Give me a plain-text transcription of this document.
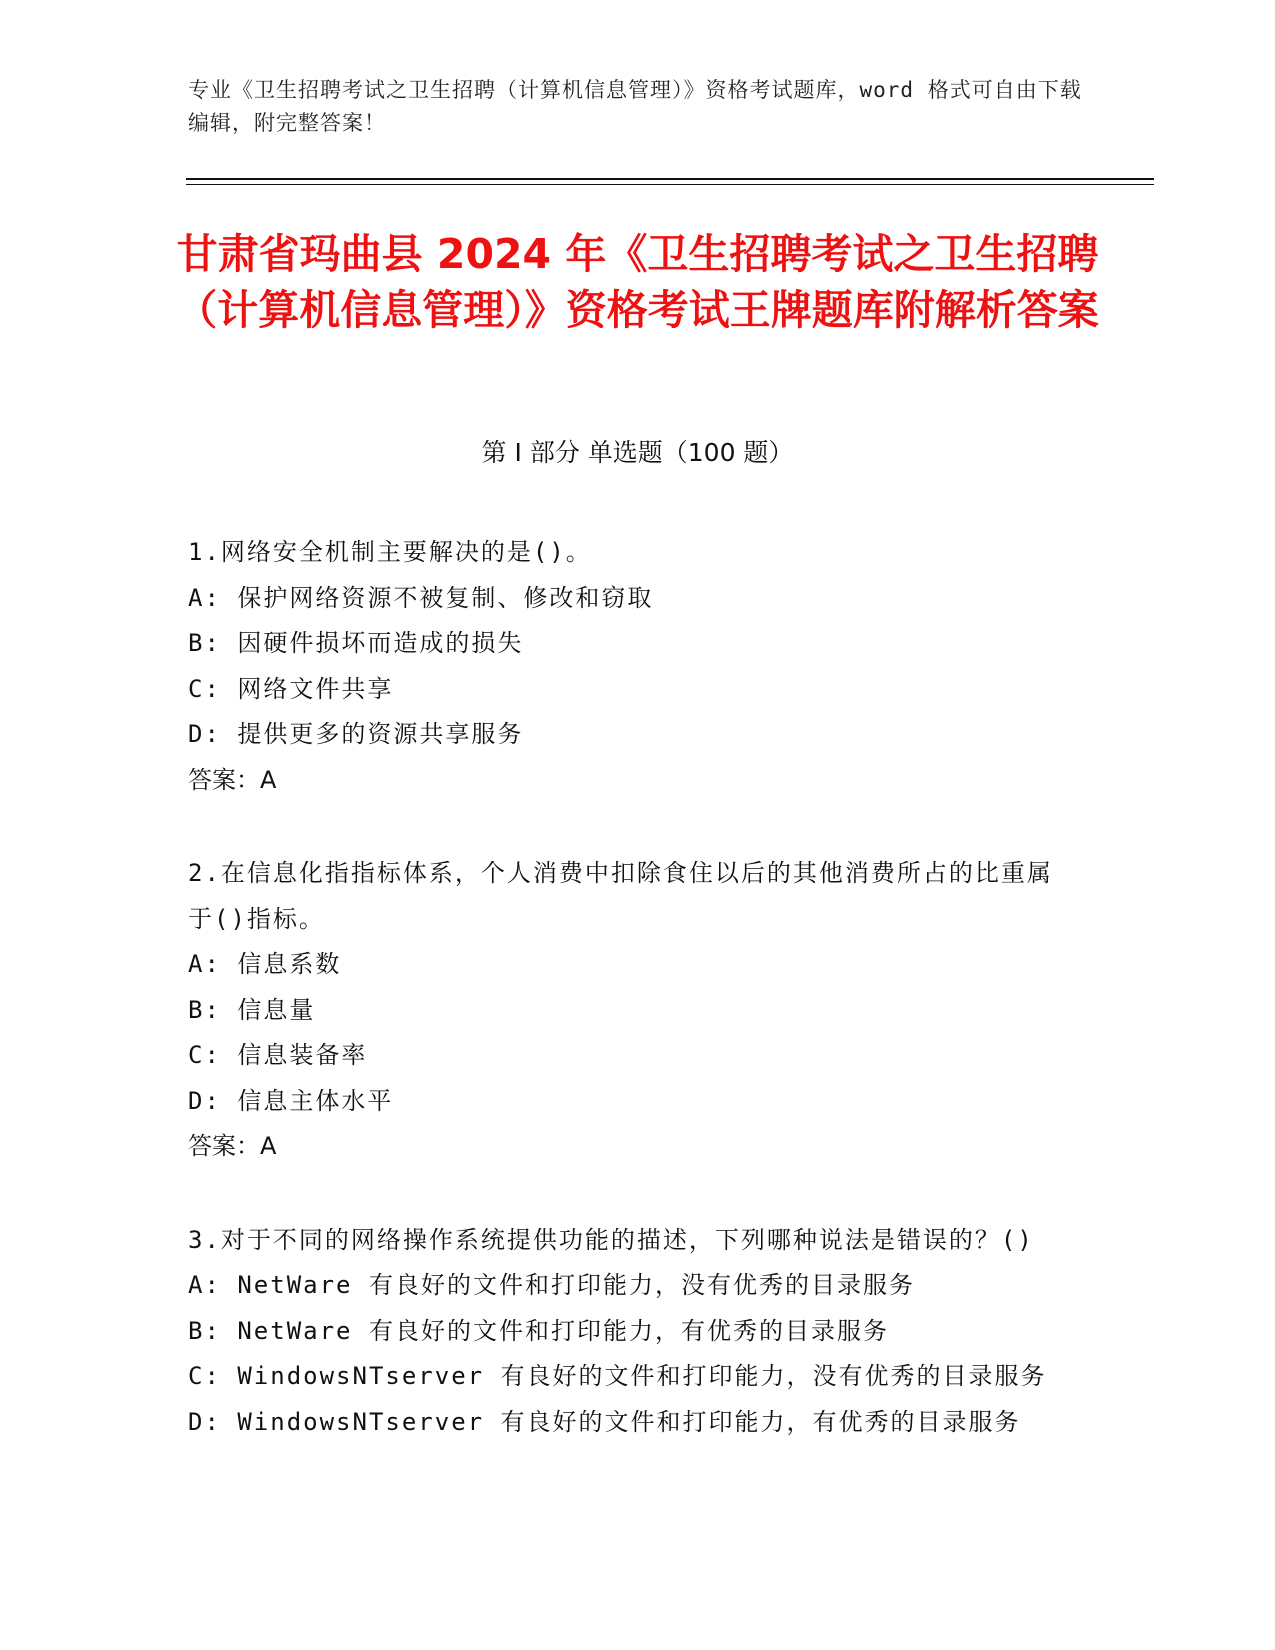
专业《卫生招聘考试之卫生招聘（计算机信息管理）》资格考试题库，word 格式可自由下载编辑，附完整答案！
甘肃省玛曲县 2024 年《卫生招聘考试之卫生招聘（计算机信息管理）》资格考试王牌题库附解析答案
第 I 部分 单选题（100 题）

1.网络安全机制主要解决的是()。

A: 保护网络资源不被复制、修改和窃取

B: 因硬件损坏而造成的损失

C: 网络文件共享

D: 提供更多的资源共享服务

答案：A

2.在信息化指指标体系，个人消费中扣除食住以后的其他消费所占的比重属于()指标。

A: 信息系数

B: 信息量

C: 信息装备率

D: 信息主体水平

答案：A

3.对于不同的网络操作系统提供功能的描述，下列哪种说法是错误的？()

A: NetWare 有良好的文件和打印能力，没有优秀的目录服务

B: NetWare 有良好的文件和打印能力，有优秀的目录服务

C: WindowsNTserver 有良好的文件和打印能力，没有优秀的目录服务

D: WindowsNTserver 有良好的文件和打印能力，有优秀的目录服务
